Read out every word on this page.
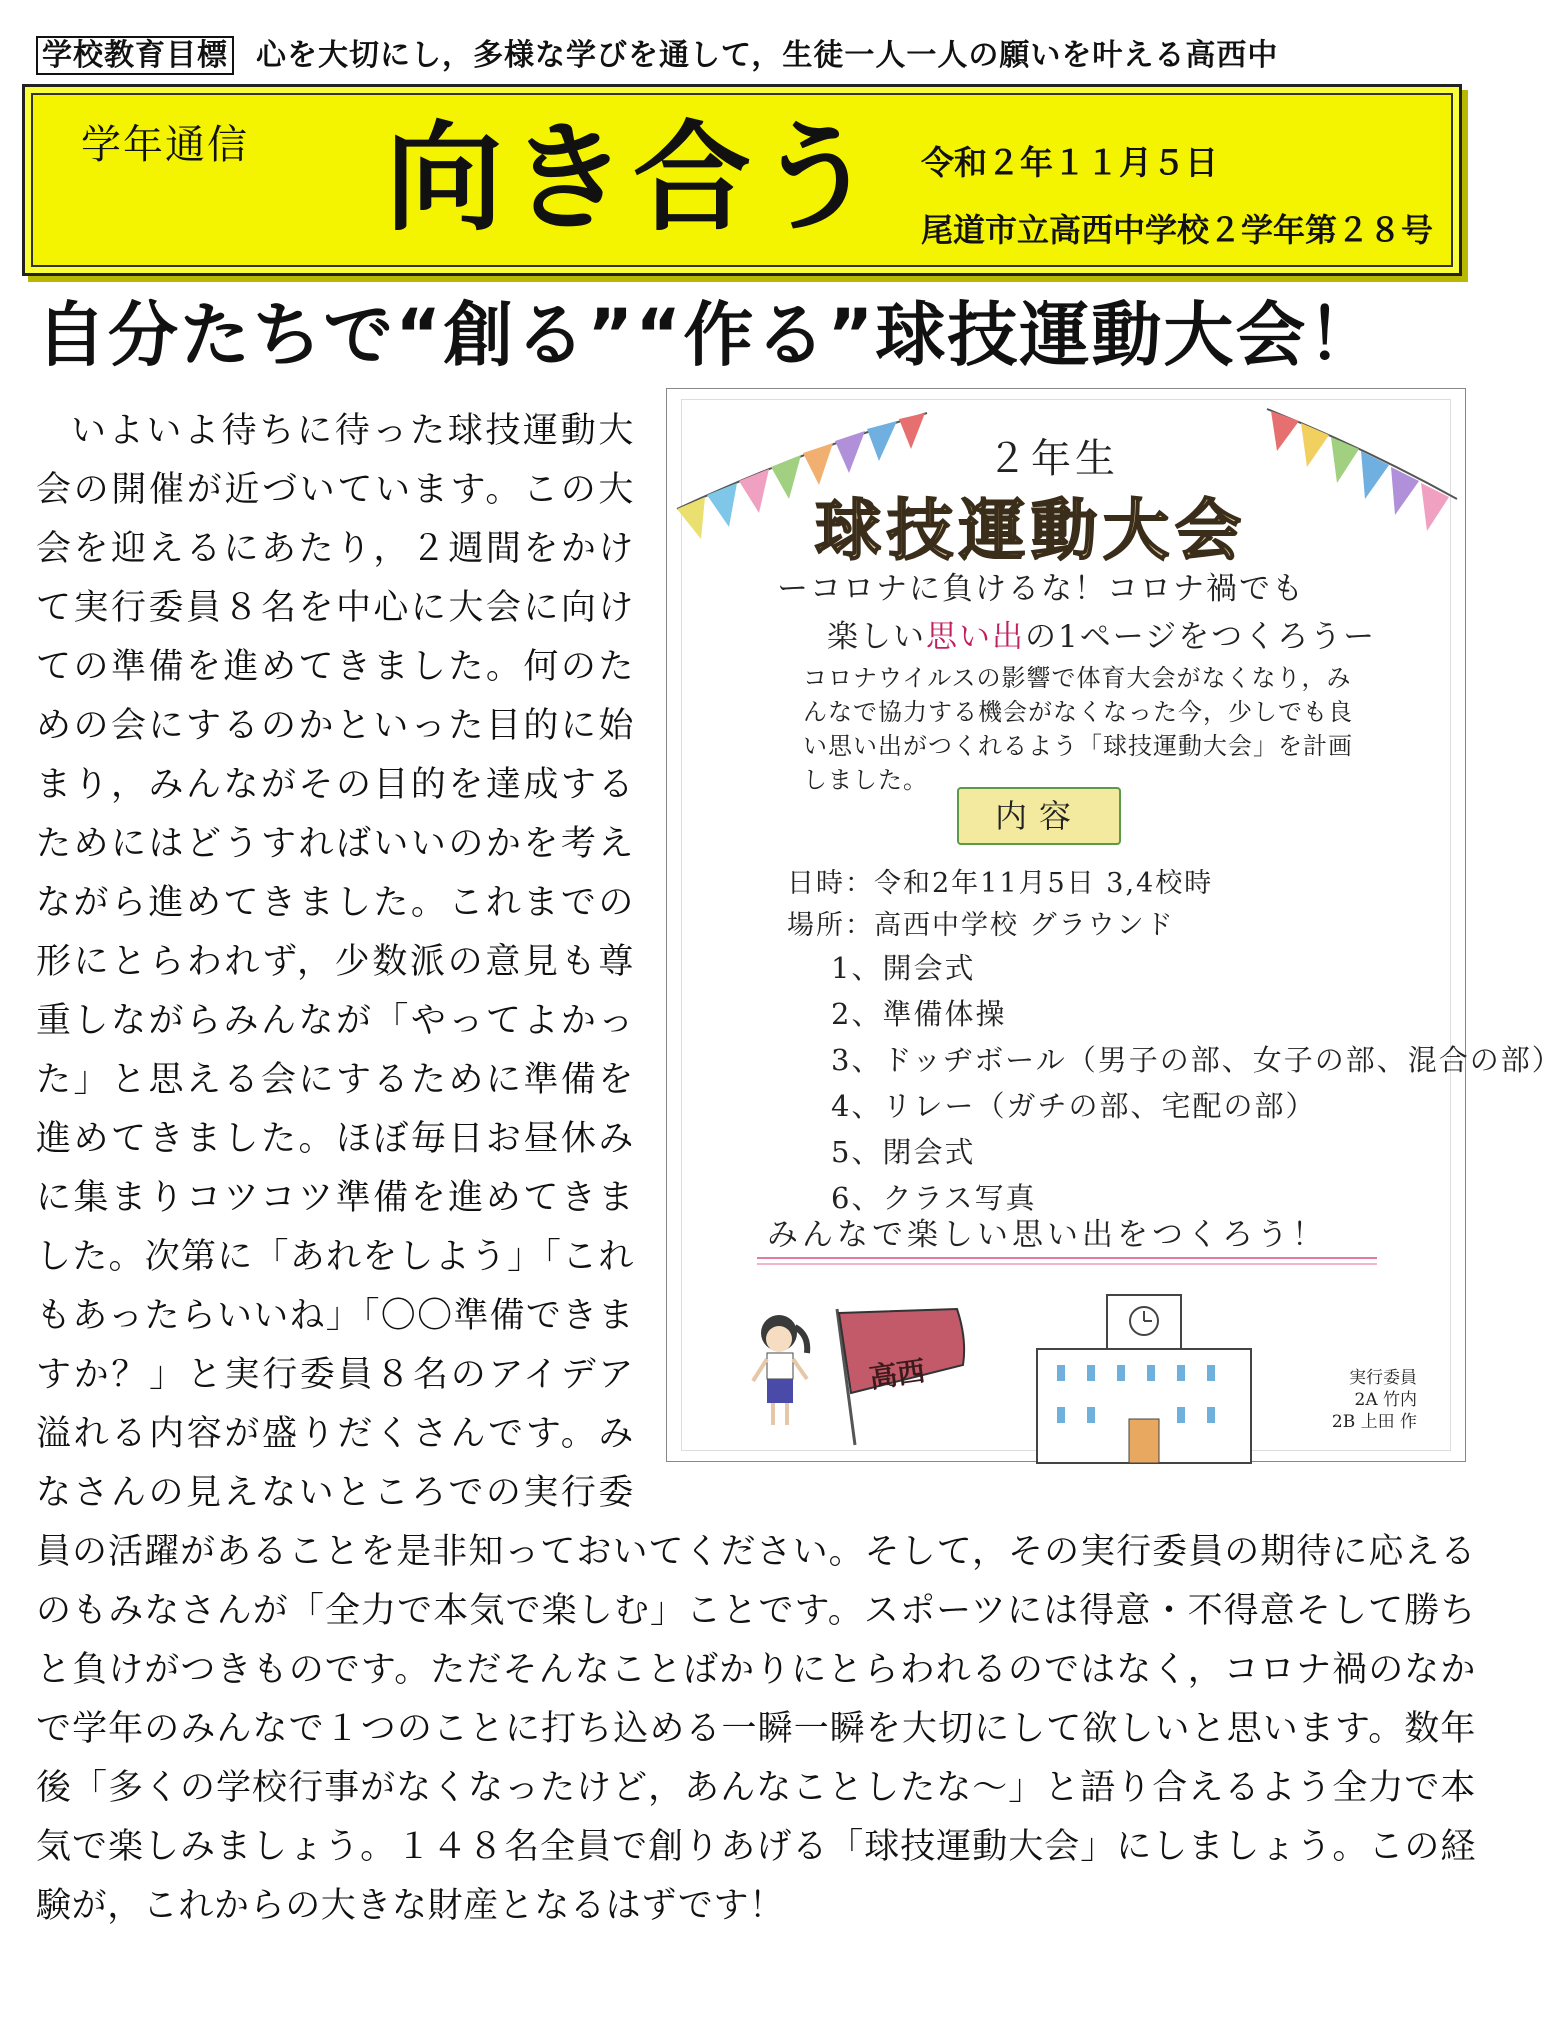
学校教育目標 心を大切にし，多様な学びを通して，生徒一人一人の願いを叶える高西中
学年通信 向き合う 令和２年１１月５日
尾道市立高西中学校２学年第２８号
自分たちで“創る”“作る”球技運動大会！

いよいよ待ちに待った球技運動大会の開催が近づいています。この大会を迎えるにあたり，２週間をかけて実行委員８名を中心に大会に向けての準備を進めてきました。何のための会にするのかといった目的に始まり，みんながその目的を達成するためにはどうすればいいのかを考えながら進めてきました。これまでの形にとらわれず，少数派の意見も尊重しながらみんなが「やってよかった」と思える会にするために準備を進めてきました。ほぼ毎日お昼休みに集まりコツコツ準備を進めてきました。次第に「あれをしよう」「これもあったらいいね」「〇〇準備できますか？」と実行委員８名のアイデア溢れる内容が盛りだくさんです。みなさんの見えないところでの実行委員の活躍があることを是非知っておいてください。そして，その実行委員の期待に応えるのもみなさんが「全力で本気で楽しむ」ことです。スポーツには得意・不得意そして勝ちと負けがつきものです。ただそんなことばかりにとらわれるのではなく，コロナ禍のなかで学年のみんなで１つのことに打ち込める一瞬一瞬を大切にして欲しいと思います。数年後「多くの学校行事がなくなったけど，あんなことしたな～」と語り合えるよう全力で本気で楽しみましょう。１４８名全員で創りあげる「球技運動大会」にしましょう。この経験が，これからの大きな財産となるはずです！

２年生
球技運動大会
ーコロナに負けるな！コロナ禍でも
楽しい思い出の1ページをつくろうー
コロナウイルスの影響で体育大会がなくなり，みんなで協力する機会がなくなった今，少しでも良い思い出がつくれるよう「球技運動大会」を計画しました。
内容
日時：令和2年11月5日 3,4校時
場所：高西中学校 グラウンド
1、開会式
2、準備体操
3、ドッヂボール（男子の部、女子の部、混合の部）
4、リレー（ガチの部、宅配の部）
5、閉会式
6、クラス写真
みんなで楽しい思い出をつくろう！
高西	実行委員
2A 竹内
2B 上田 作
